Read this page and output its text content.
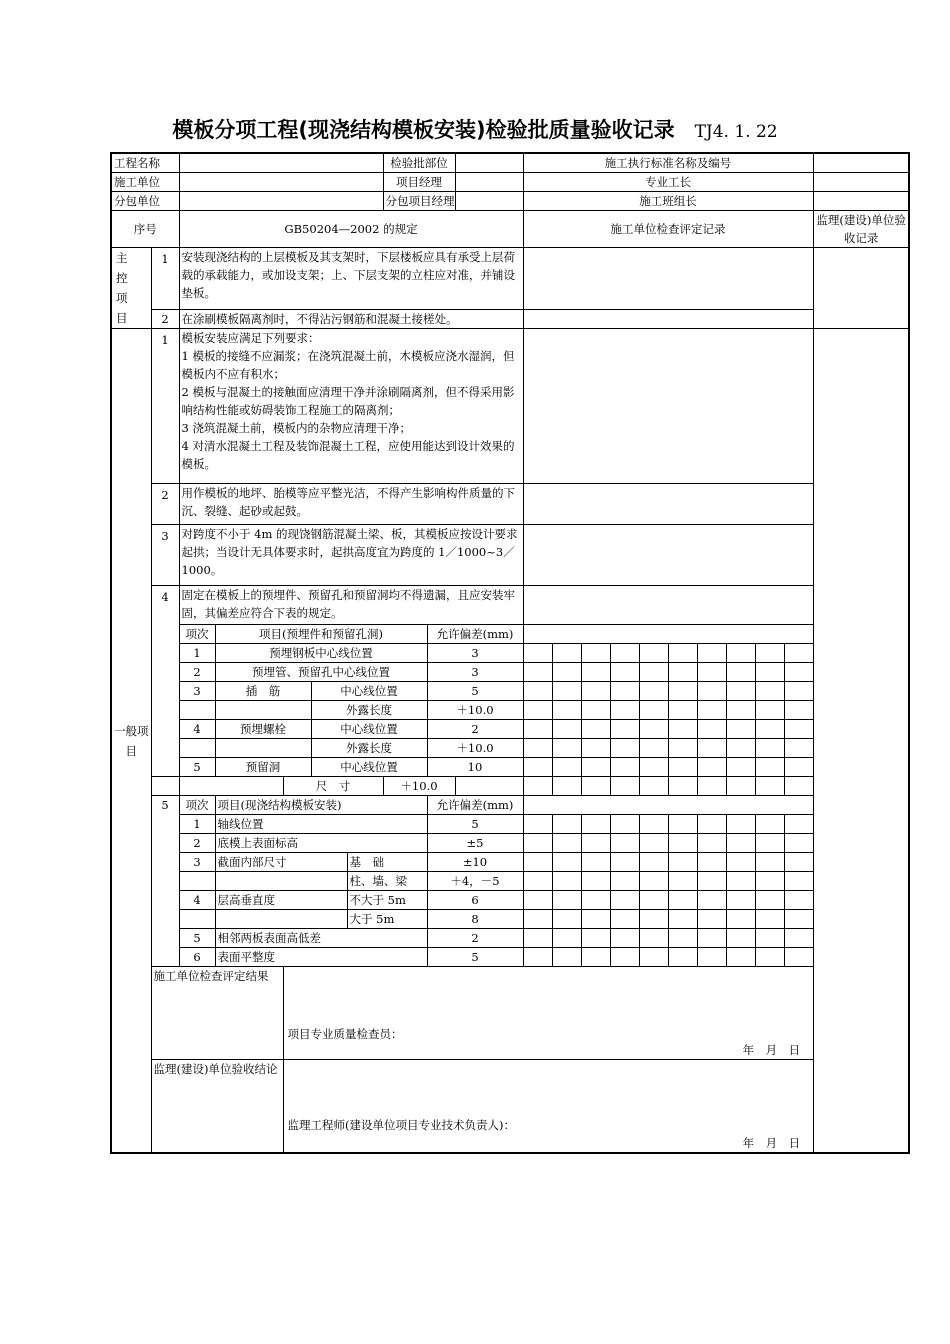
模板分项工程(现浇结构模板安装)检验批质量验收记录 TJ4. 1. 22
工程名称							检验批部位			施工执行标准名称及编号										
施工单位							项目经理			专业工长										
分包单位							分包项目经理			施工班组长										
序号		GB50204—2002 的规定								施工单位检查评定记录										监理(建设)单位验收记录
主控项目	1	安装现浇结构的上层模板及其支架时，下层楼板应具有承受上层荷载的承载能力，或加设支架；上、下层支架的立柱应对准，并铺设垫板。																		
	2	在涂刷模板隔离剂时，不得沾污钢筋和混凝土接槎处。																		
一般项目	1	模板安装应满足下列要求：
1 模板的接缝不应漏浆；在浇筑混凝土前，木模板应浇水湿润，但模板内不应有积水；
2 模板与混凝土的接触面应清理干净并涂刷隔离剂，但不得采用影响结构性能或妨碍装饰工程施工的隔离剂；
3 浇筑混凝土前，模板内的杂物应清理干净；
4 对清水混凝土工程及装饰混凝土工程，应使用能达到设计效果的模板。																		

	2	用作模板的地坪、胎模等应平整光洁，不得产生影响构件质量的下沉、裂缝、起砂或起鼓。																		
	3	对跨度不小于 4m 的现饶钢筋混凝土梁、板，其模板应按设计要求起拱；当设计无具体要求时，起拱高度宜为跨度的 1／1000~3／1000。																		
	4	固定在模板上的预埋件、预留孔和预留洞均不得遗漏，且应安装牢固，其偏差应符合下表的规定。																		
		项次	项目(预埋件和预留孔洞)					允许偏差(mm)												
		1	预埋钢板中心线位置					3												
		2	预埋管、预留孔中心线位置					3												
		3	插　筋		中心线位置			5												
					外露长度			＋10.0												
		4	预埋螺栓		中心线位置			2												
					外露长度			＋10.0												
		5	预留洞		中心线位置			10												
				尺　寸			＋10.0													
	5	项次	项目(现浇结构模板安装)					允许偏差(mm)												
		1	轴线位置					5												
		2	底模上表面标高					±5												
		3	截面内部尺寸			基　础		±10												
						柱、墙、梁		＋4，－5												
		4	层高垂直度			不大于 5m		6												
						大于 5m		8												
		5	相邻两板表面高低差					2												
		6	表面平整度					5												
	施工单位检查评定结果			项目专业质量检查员：
年　月　日																

	监理(建设)单位验收结论			监理工程师(建设单位项目专业技术负责人)：
年　月　日																
